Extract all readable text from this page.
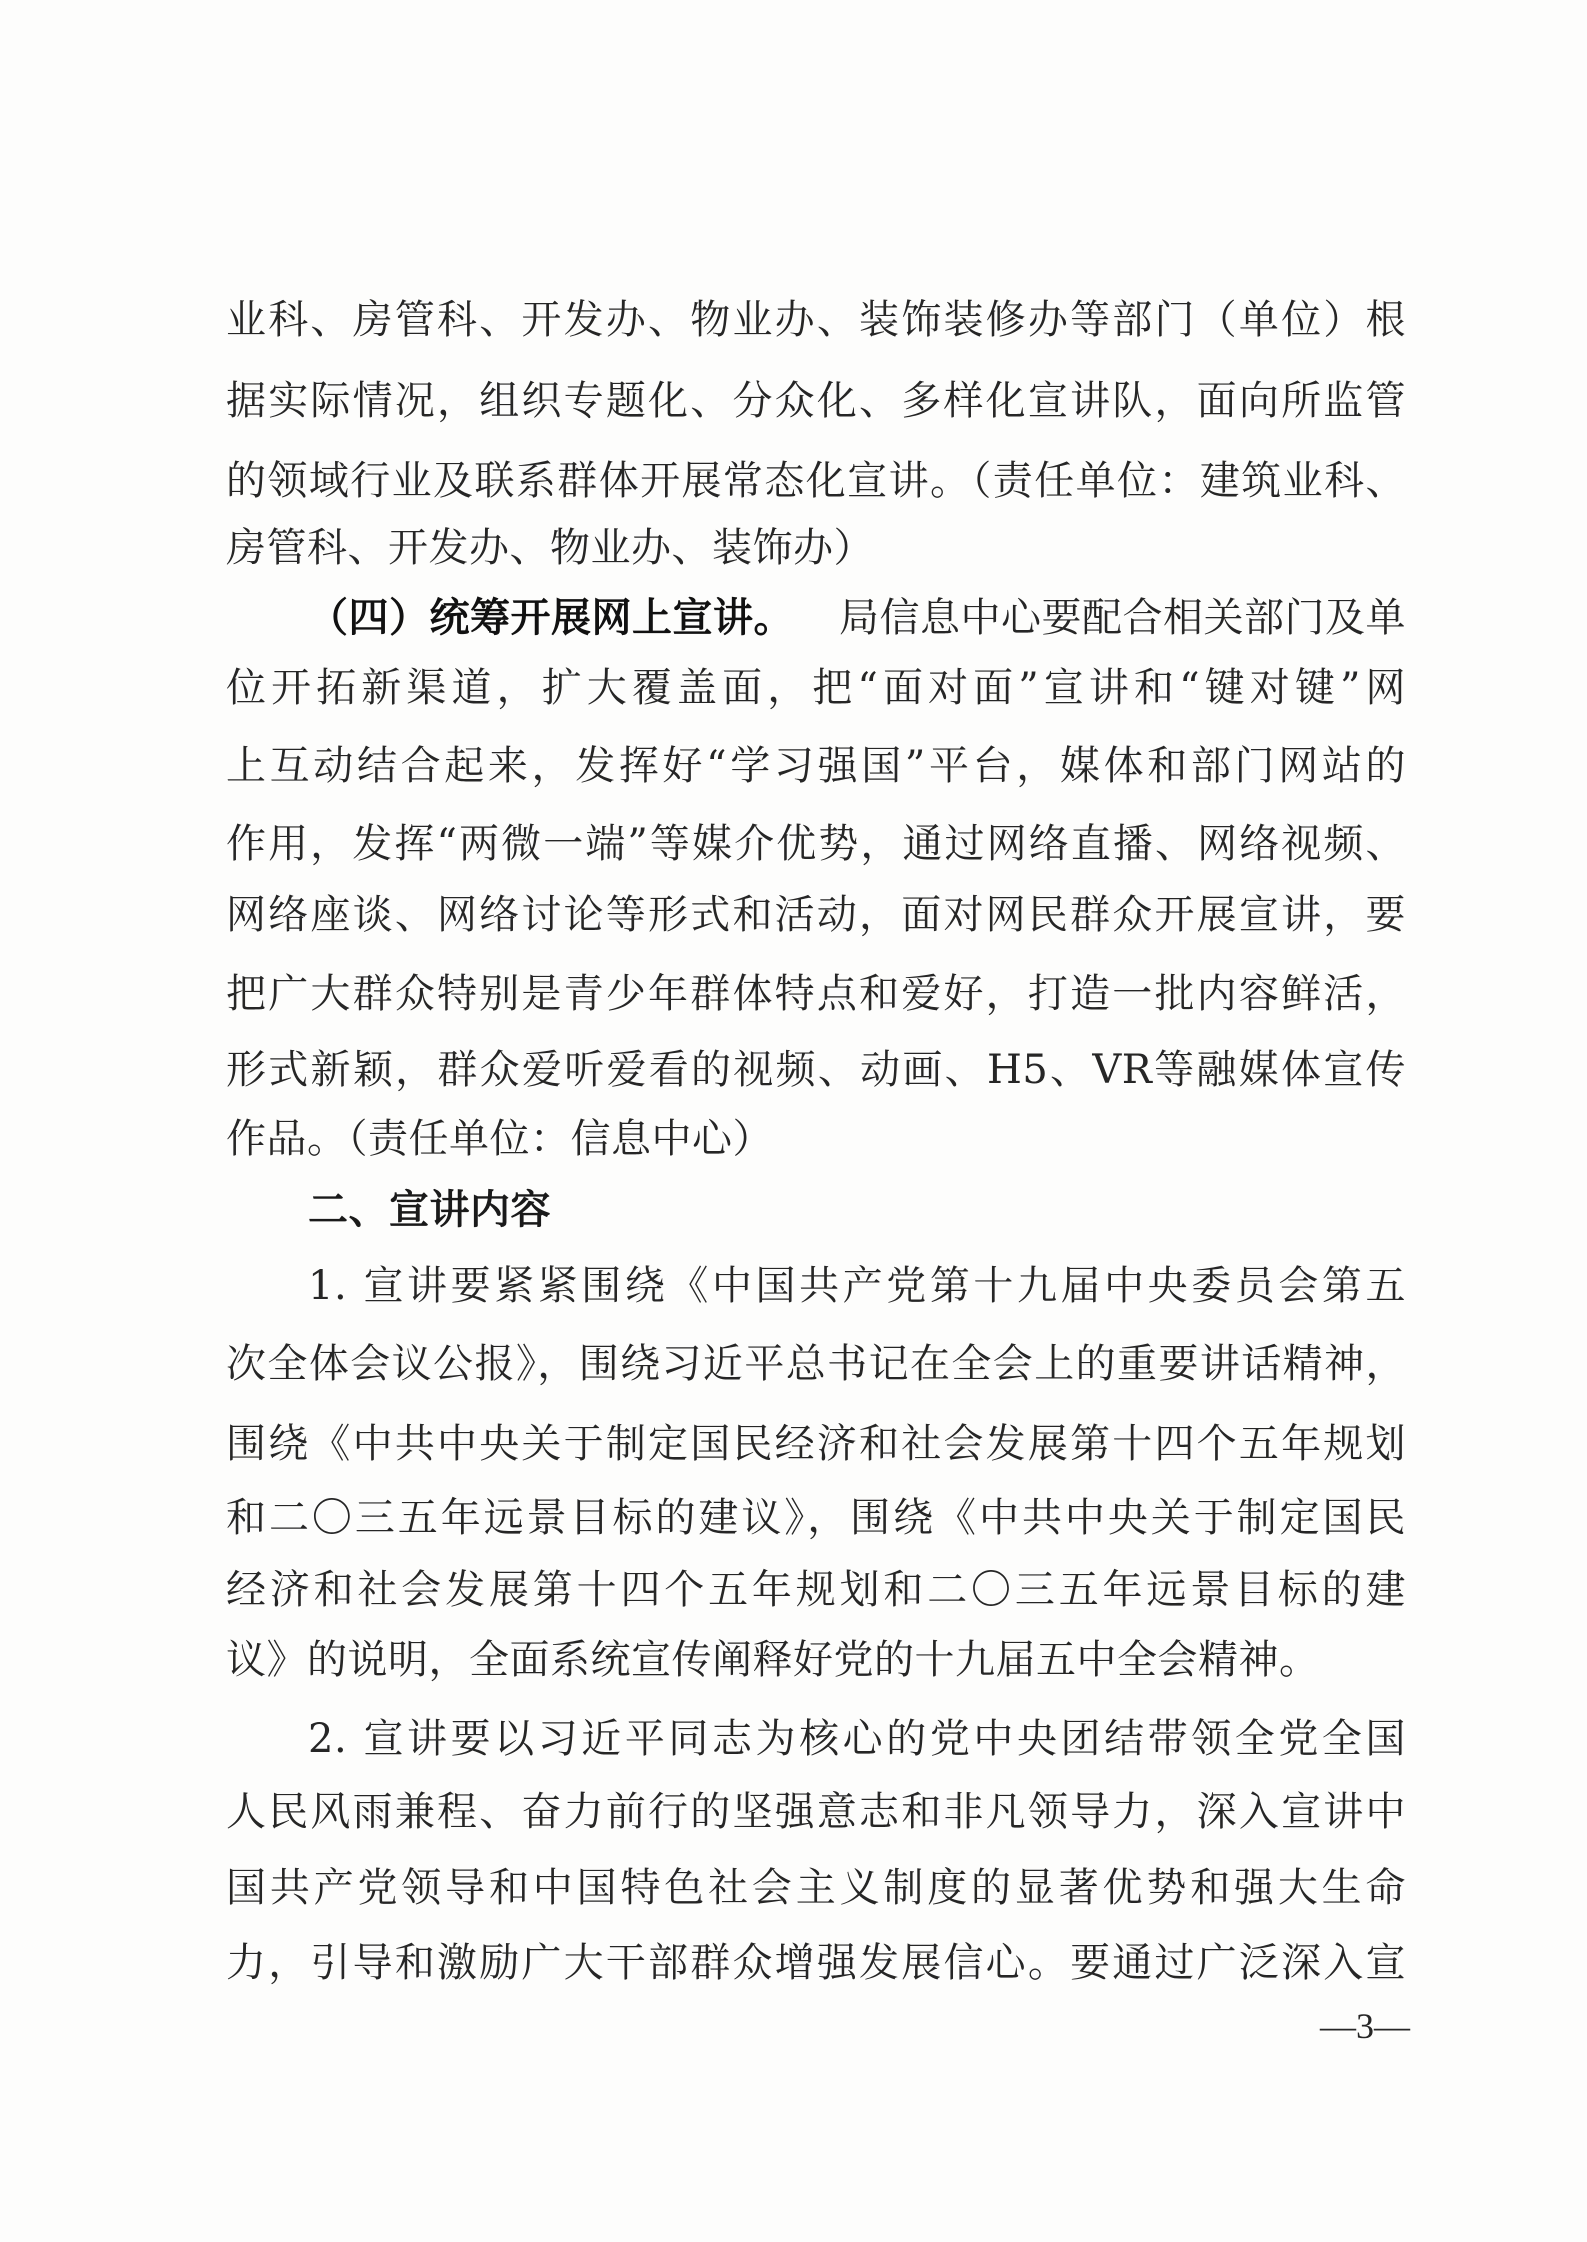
业科、房管科、开发办、物业办、装饰装修办等部门（单位）根
据实际情况，组织专题化、分众化、多样化宣讲队，面向所监管
的领域行业及联系群体开展常态化宣讲。（责任单位：建筑业科、
房管科、开发办、物业办、装饰办）
（四）统筹开展网上宣讲。 局信息中心要配合相关部门及单
位开拓新渠道，扩大覆盖面，把“面对面”宣讲和“键对键”网
上互动结合起来，发挥好“学习强国”平台，媒体和部门网站的
作用，发挥“两微一端”等媒介优势，通过网络直播、网络视频、
网络座谈、网络讨论等形式和活动，面对网民群众开展宣讲，要
把广大群众特别是青少年群体特点和爱好，打造一批内容鲜活，
形式新颖，群众爱听爱看的视频、动画、H5、VR等融媒体宣传
作品。（责任单位：信息中心）
二、宣讲内容
1. 宣讲要紧紧围绕《中国共产党第十九届中央委员会第五
次全体会议公报》，围绕习近平总书记在全会上的重要讲话精神，
围绕《中共中央关于制定国民经济和社会发展第十四个五年规划
和二〇三五年远景目标的建议》，围绕《中共中央关于制定国民
经济和社会发展第十四个五年规划和二〇三五年远景目标的建
议》的说明，全面系统宣传阐释好党的十九届五中全会精神。
2. 宣讲要以习近平同志为核心的党中央团结带领全党全国
人民风雨兼程、奋力前行的坚强意志和非凡领导力，深入宣讲中
国共产党领导和中国特色社会主义制度的显著优势和强大生命
力，引导和激励广大干部群众增强发展信心。要通过广泛深入宣
—3—
